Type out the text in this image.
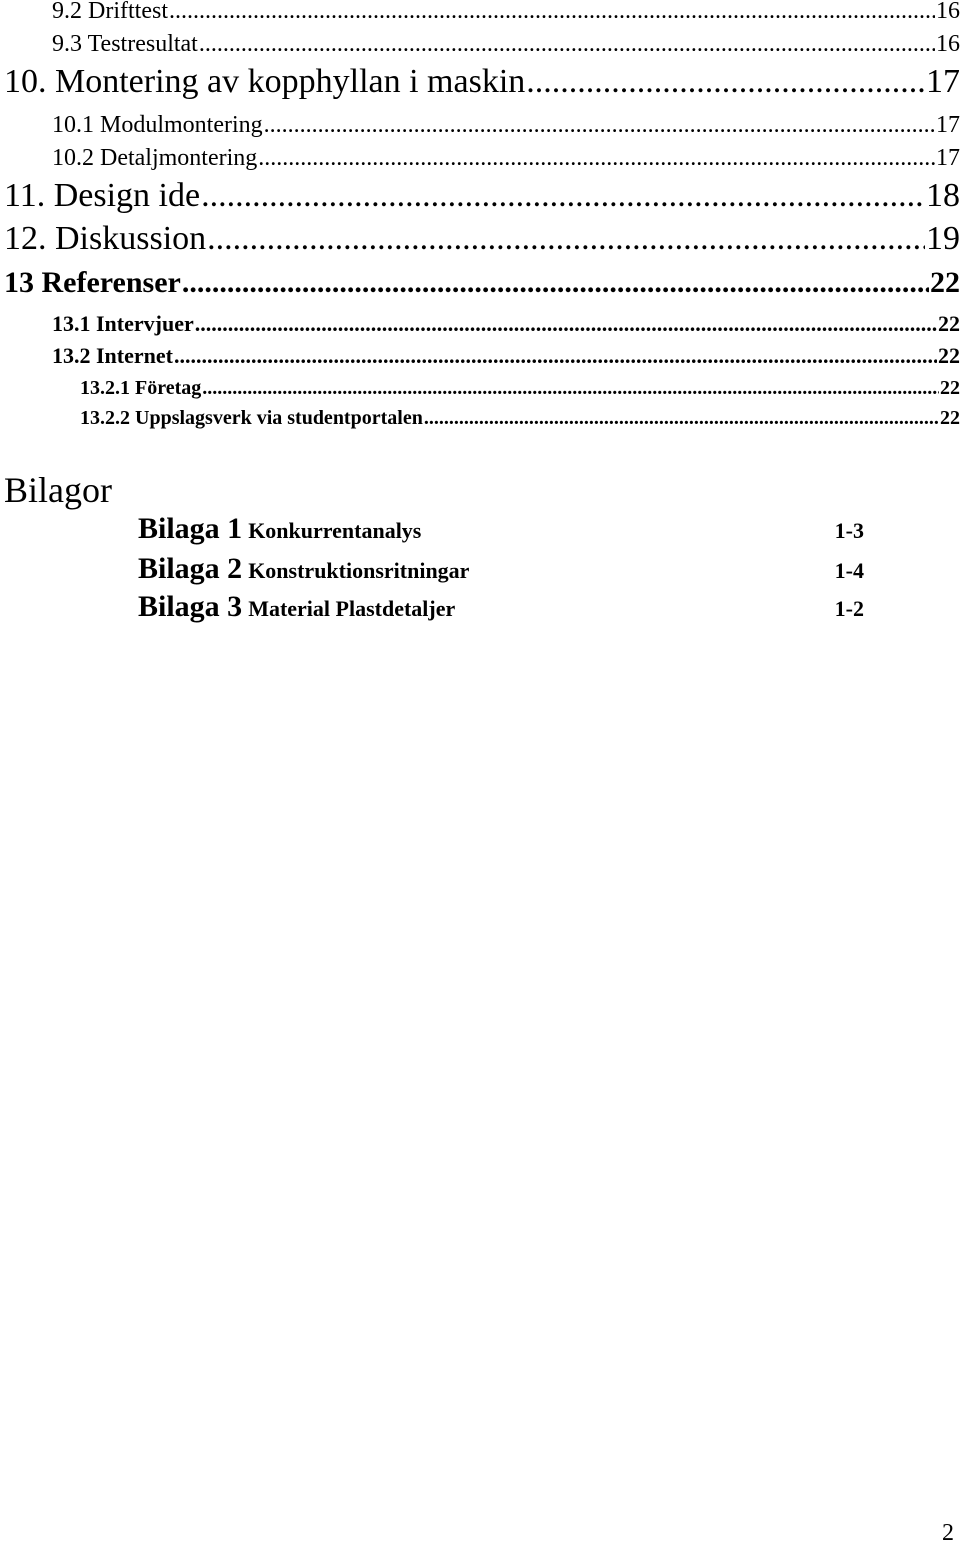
9.2 Drifttest .....	16
9.3 Testresultat .....	16
10. Montering av kopphyllan i maskin .....	17
10.1 Modulmontering .....	17
10.2 Detaljmontering .....	17
11. Design ide .....	18
12. Diskussion .....	19
13 Referenser .....	22
13.1 Intervjuer .....	22
13.2 Internet .....	22
13.2.1 Företag .....	22
13.2.2 Uppslagsverk via studentportalen .....	22
Bilagor
Bilaga 1 Konkurrentanalys	1-3
Bilaga 2 Konstruktionsritningar	1-4
Bilaga 3 Material Plastdetaljer	1-2
2
